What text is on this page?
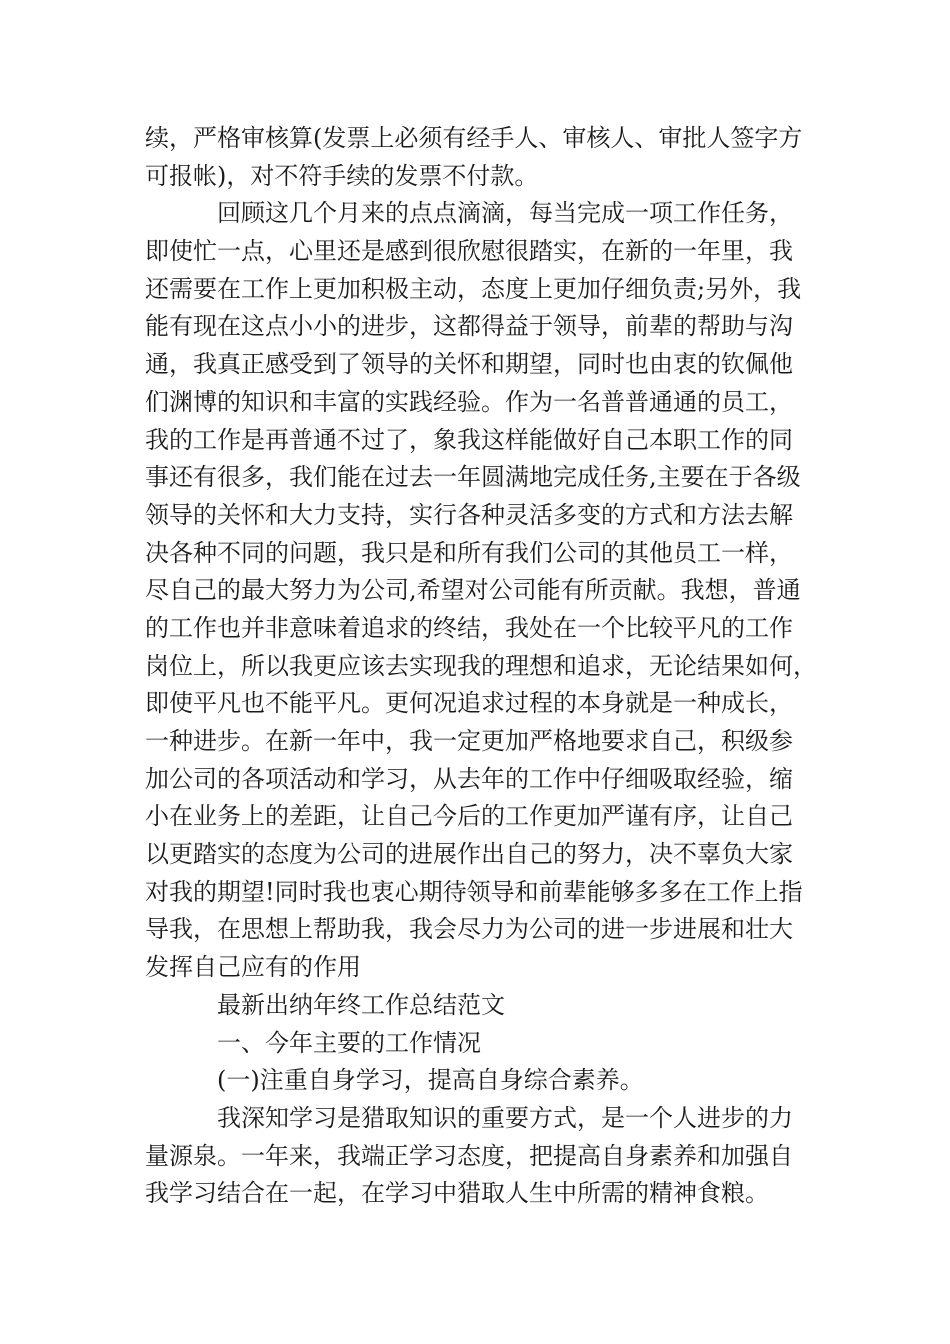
续，严格审核算(发票上必须有经手人、审核人、审批人签字方
可报帐)，对不符手续的发票不付款。
回顾这几个月来的点点滴滴，每当完成一项工作任务，
即使忙一点，心里还是感到很欣慰很踏实，在新的一年里，我
还需要在工作上更加积极主动，态度上更加仔细负责;另外，我
能有现在这点小小的进步，这都得益于领导，前辈的帮助与沟
通，我真正感受到了领导的关怀和期望，同时也由衷的钦佩他
们渊博的知识和丰富的实践经验。作为一名普普通通的员工，
我的工作是再普通不过了，象我这样能做好自己本职工作的同
事还有很多，我们能在过去一年圆满地完成任务,主要在于各级
领导的关怀和大力支持，实行各种灵活多变的方式和方法去解
决各种不同的问题，我只是和所有我们公司的其他员工一样，
尽自己的最大努力为公司,希望对公司能有所贡献。我想，普通
的工作也并非意味着追求的终结，我处在一个比较平凡的工作
岗位上，所以我更应该去实现我的理想和追求，无论结果如何，
即使平凡也不能平凡。更何况追求过程的本身就是一种成长，
一种进步。在新一年中，我一定更加严格地要求自己，积级参
加公司的各项活动和学习，从去年的工作中仔细吸取经验，缩
小在业务上的差距，让自己今后的工作更加严谨有序，让自己
以更踏实的态度为公司的进展作出自己的努力，决不辜负大家
对我的期望!同时我也衷心期待领导和前辈能够多多在工作上指
导我，在思想上帮助我，我会尽力为公司的进一步进展和壮大
发挥自己应有的作用
最新出纳年终工作总结范文
一、今年主要的工作情况
(一)注重自身学习，提高自身综合素养。
我深知学习是猎取知识的重要方式，是一个人进步的力
量源泉。一年来，我端正学习态度，把提高自身素养和加强自
我学习结合在一起，在学习中猎取人生中所需的精神食粮。
